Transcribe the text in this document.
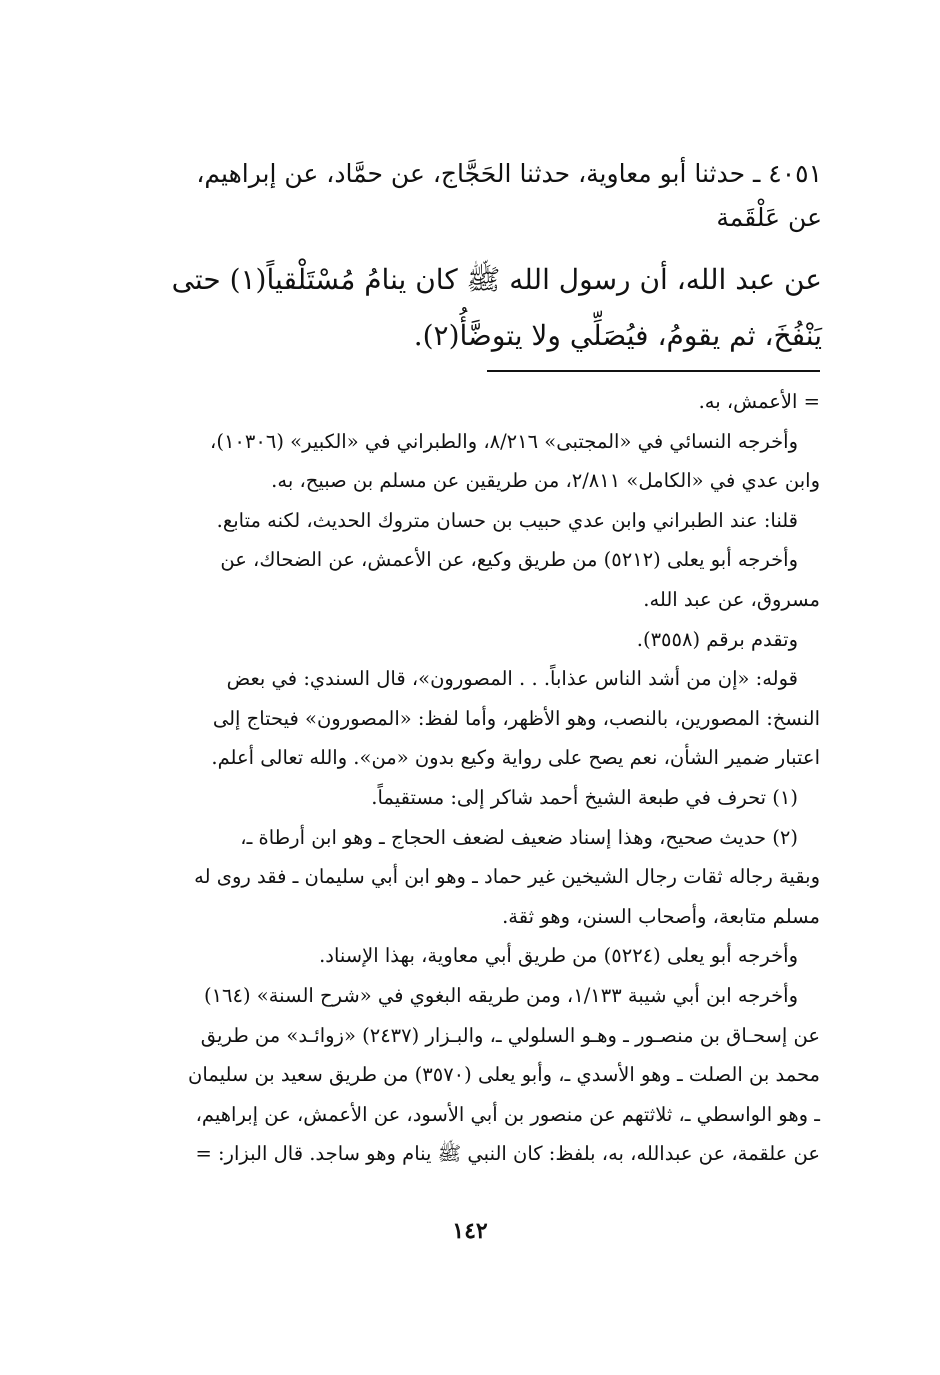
٤٠٥١ ـ حدثنا أبو معاوية، حدثنا الحَجَّاج، عن حمَّاد، عن إبراهيم،
عن عَلْقَمة
عن عبد الله، أن رسول الله ﷺ كان ينامُ مُسْتَلْقياً(١) حتى
يَنْفُخَ، ثم يقومُ، فيُصَلِّي ولا يتوضَّأُ(٢).

= الأعمش، به.

وأخرجه النسائي في «المجتبى» ٨/٢١٦، والطبراني في «الكبير» (١٠٣٠٦)،

وابن عدي في «الكامل» ٢/٨١١، من طريقين عن مسلم بن صبيح، به.

قلنا: عند الطبراني وابن عدي حبيب بن حسان متروك الحديث، لكنه متابع.

وأخرجه أبو يعلى (٥٢١٢) من طريق وكيع، عن الأعمش، عن الضحاك، عن

مسروق، عن عبد الله.

وتقدم برقم (٣٥٥٨).

قوله: «إن من أشد الناس عذاباً. . . المصورون»، قال السندي: في بعض

النسخ: المصورين، بالنصب، وهو الأظهر، وأما لفظ: «المصورون» فيحتاج إلى

اعتبار ضمير الشأن، نعم يصح على رواية وكيع بدون «من». والله تعالى أعلم.

(١) تحرف في طبعة الشيخ أحمد شاكر إلى: مستقيماً.

(٢) حديث صحيح، وهذا إسناد ضعيف لضعف الحجاج ـ وهو ابن أرطاة ـ،

وبقية رجاله ثقات رجال الشيخين غير حماد ـ وهو ابن أبي سليمان ـ فقد روى له

مسلم متابعة، وأصحاب السنن، وهو ثقة.

وأخرجه أبو يعلى (٥٢٢٤) من طريق أبي معاوية، بهذا الإسناد.

وأخرجه ابن أبي شيبة ١/١٣٣، ومن طريقه البغوي في «شرح السنة» (١٦٤)

عن إسحـاق بن منصـور ـ وهـو السلولي ـ، والبـزار (٢٤٣٧) «زوائـد» من طريق

محمد بن الصلت ـ وهو الأسدي ـ، وأبو يعلى (٣٥٧٠) من طريق سعيد بن سليمان

ـ وهو الواسطي ـ، ثلاثتهم عن منصور بن أبي الأسود، عن الأعمش، عن إبراهيم،

عن علقمة، عن عبدالله، به، بلفظ: كان النبي ﷺ ينام وهو ساجد. قال البزار: =

١٤٢
